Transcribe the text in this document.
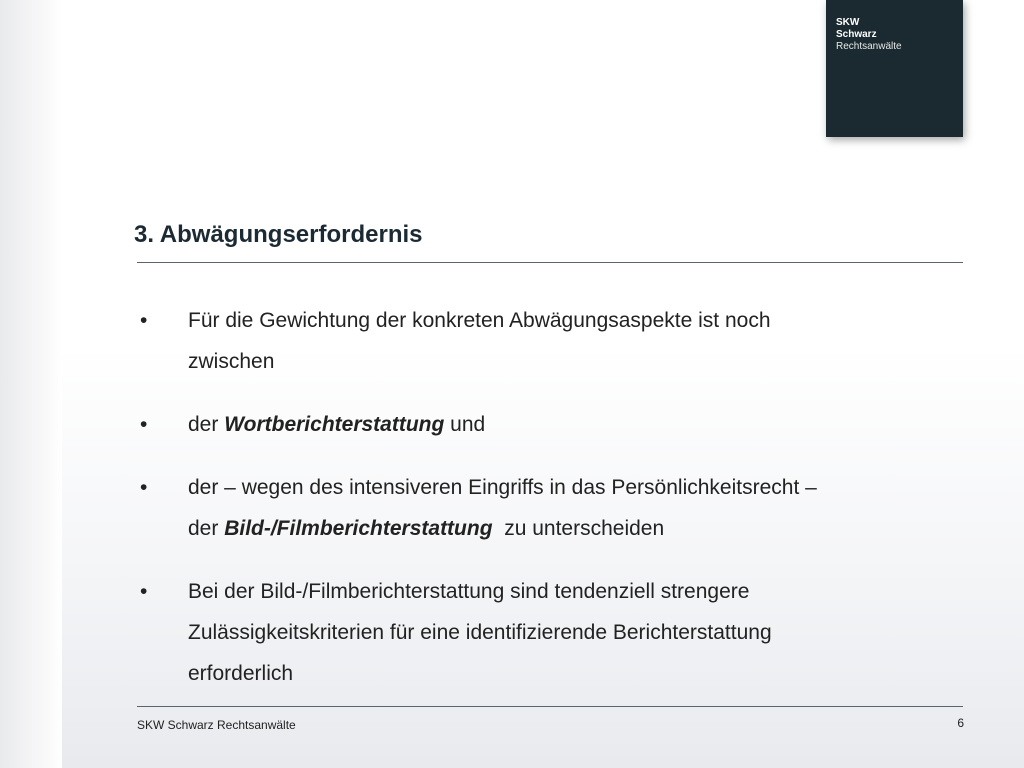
SKW
Schwarz
Rechtsanwälte
3. Abwägungserfordernis
• Für die Gewichtung der konkreten Abwägungsaspekte ist noch
zwischen
• der Wortberichterstattung und
• der – wegen des intensiveren Eingriffs in das Persönlichkeitsrecht –
der Bild-/Filmberichterstattung  zu unterscheiden
• Bei der Bild-/Filmberichterstattung sind tendenziell strengere
Zulässigkeitskriterien für eine identifizierende Berichterstattung
erforderlich
SKW Schwarz Rechtsanwälte	6
